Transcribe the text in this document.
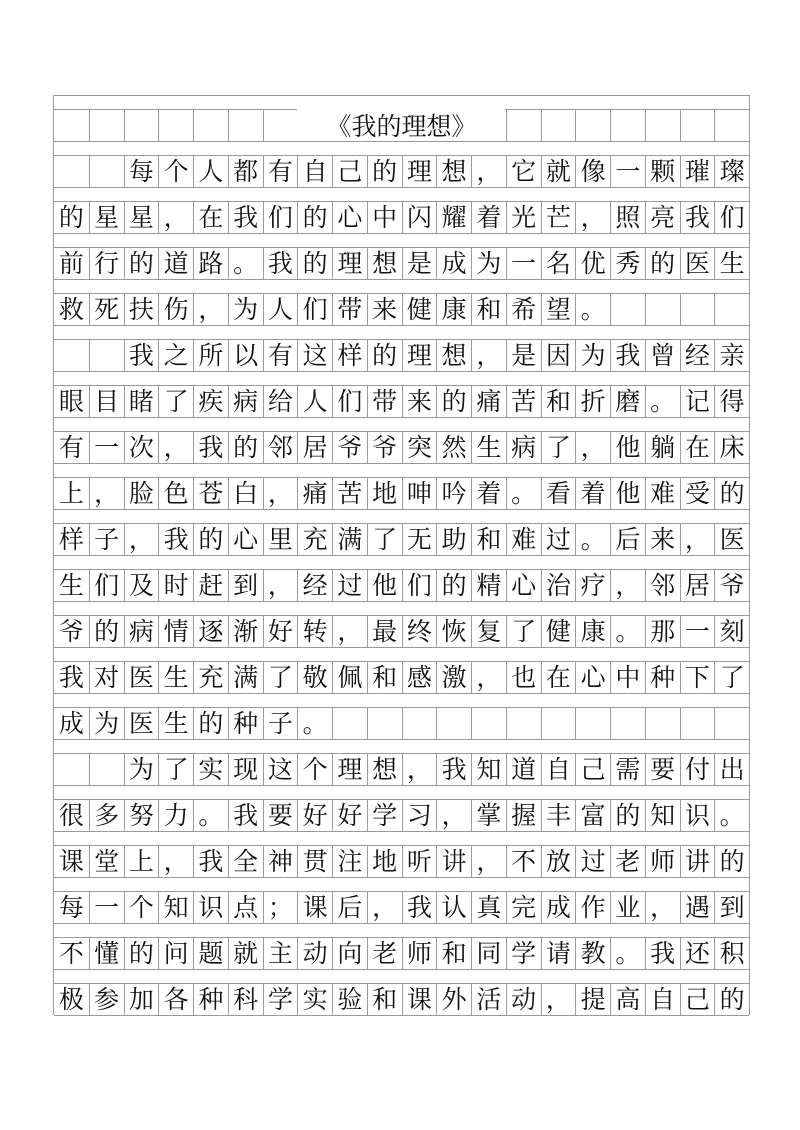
《我的理想》
每 个 人 都 有 自 己 的 理 想 ， 它 就 像 一 颗 璀 璨
的 星 星 ， 在 我 们 的 心 中 闪 耀 着 光 芒 ， 照 亮 我 们
前 行 的 道 路 。 我 的 理 想 是 成 为 一 名 优 秀 的 医 生
救 死 扶 伤 ， 为 人 们 带 来 健 康 和 希 望 。
我 之 所 以 有 这 样 的 理 想 ， 是 因 为 我 曾 经 亲
眼 目 睹 了 疾 病 给 人 们 带 来 的 痛 苦 和 折 磨 。 记 得
有 一 次 ， 我 的 邻 居 爷 爷 突 然 生 病 了 ， 他 躺 在 床
上 ， 脸 色 苍 白 ， 痛 苦 地 呻 吟 着 。 看 着 他 难 受 的
样 子 ， 我 的 心 里 充 满 了 无 助 和 难 过 。 后 来 ， 医
生 们 及 时 赶 到 ， 经 过 他 们 的 精 心 治 疗 ， 邻 居 爷
爷 的 病 情 逐 渐 好 转 ， 最 终 恢 复 了 健 康 。 那 一 刻
我 对 医 生 充 满 了 敬 佩 和 感 激 ， 也 在 心 中 种 下 了
成 为 医 生 的 种 子 。
为 了 实 现 这 个 理 想 ， 我 知 道 自 己 需 要 付 出
很 多 努 力 。 我 要 好 好 学 习 ， 掌 握 丰 富 的 知 识 。
课 堂 上 ， 我 全 神 贯 注 地 听 讲 ， 不 放 过 老 师 讲 的
每 一 个 知 识 点 ； 课 后 ， 我 认 真 完 成 作 业 ， 遇 到
不 懂 的 问 题 就 主 动 向 老 师 和 同 学 请 教 。 我 还 积
极 参 加 各 种 科 学 实 验 和 课 外 活 动 ， 提 高 自 己 的
